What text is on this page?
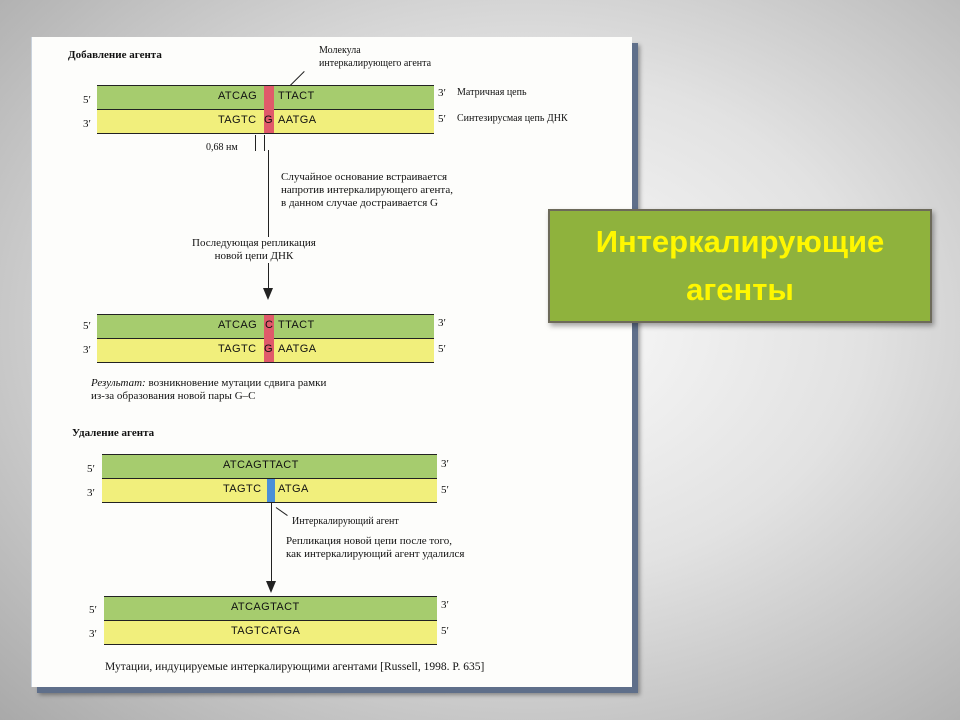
Добавление агента	Молекула
интеркалирующего агента
5ʹ
3ʹ
ATCAG TTACT
TAGTC G AATGA
3ʹ
5ʹ
Матричная цепь
Синтезирусмая цепь ДНК
0,68 нм
Случайное основание встраивается
напротив интеркалирующего агента,
в данном случае достраивается G
Последующая репликация
новой цепи ДНК
5ʹ
3ʹ
ATCAG C TTACT
TAGTC G AATGA
3ʹ
5ʹ
Результат: возникновение мутации сдвига рамки
из-за образования новой пары G–C
Удаление агента
5ʹ
3ʹ
ATCAGTTACT
TAGTC ATGA
3ʹ
5ʹ
Интеркалирующий агент
Репликация новой цепи после того,
как интеркалирующий агент удалился
5ʹ
3ʹ
ATCAGTACT
TAGTCATGA
3ʹ
5ʹ
Мутации, индуцируемые интеркалирующими агентами [Russell, 1998. P. 635]
Интеркалирующие агенты
